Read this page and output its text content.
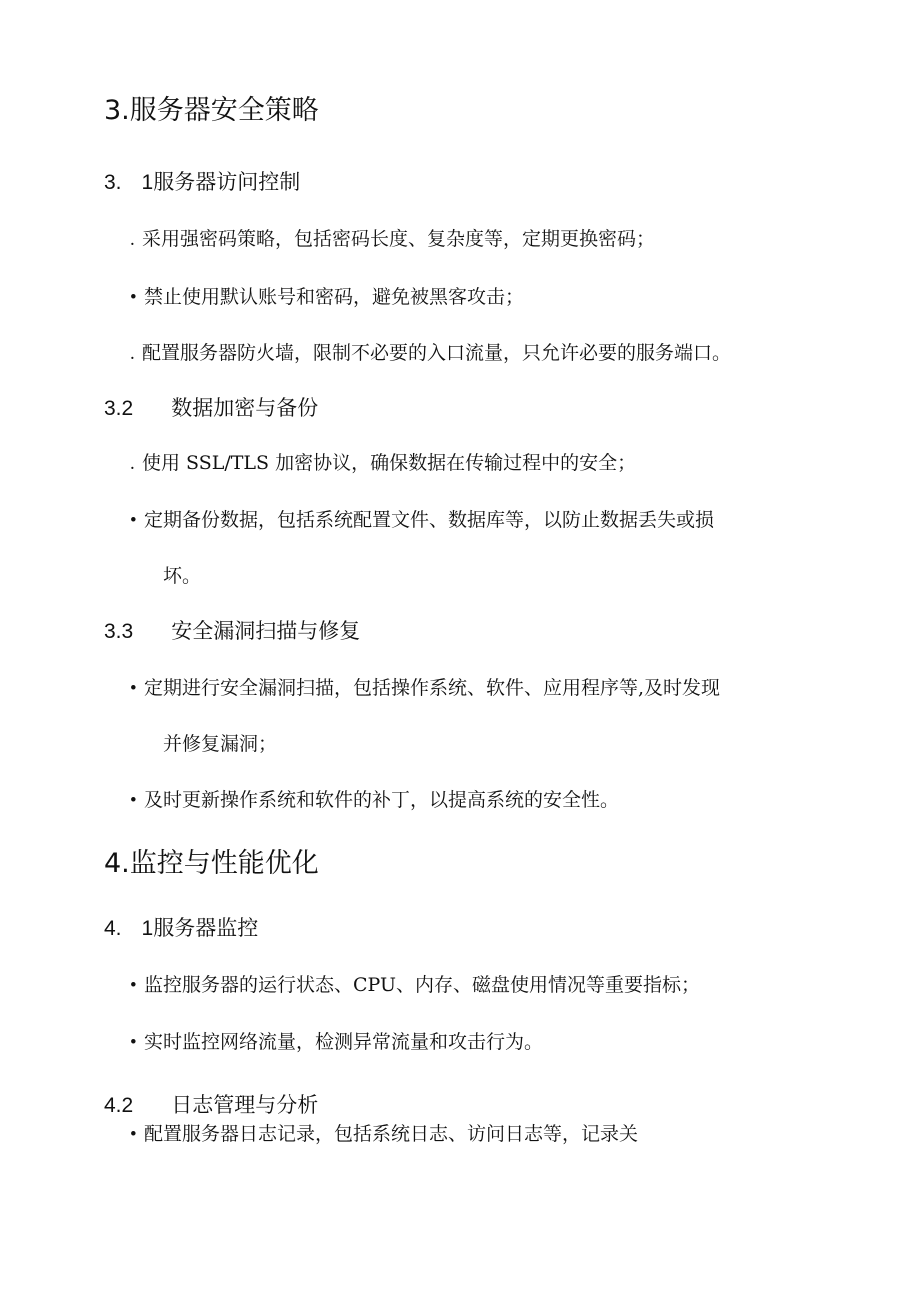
3.服务器安全策略
3. 1服务器访问控制
. 采用强密码策略，包括密码长度、复杂度等，定期更换密码；
• 禁止使用默认账号和密码，避免被黑客攻击；
. 配置服务器防火墙，限制不必要的入口流量，只允许必要的服务端口。
3.2 数据加密与备份
. 使用 SSL/TLS 加密协议，确保数据在传输过程中的安全；
• 定期备份数据，包括系统配置文件、数据库等，以防止数据丢失或损
坏。
3.3 安全漏洞扫描与修复
• 定期进行安全漏洞扫描，包括操作系统、软件、应用程序等,及时发现
并修复漏洞；
• 及时更新操作系统和软件的补丁，以提高系统的安全性。
4.监控与性能优化
4. 1服务器监控
• 监控服务器的运行状态、CPU、内存、磁盘使用情况等重要指标；
• 实时监控网络流量，检测异常流量和攻击行为。
4.2 日志管理与分析
• 配置服务器日志记录，包括系统日志、访问日志等，记录关
